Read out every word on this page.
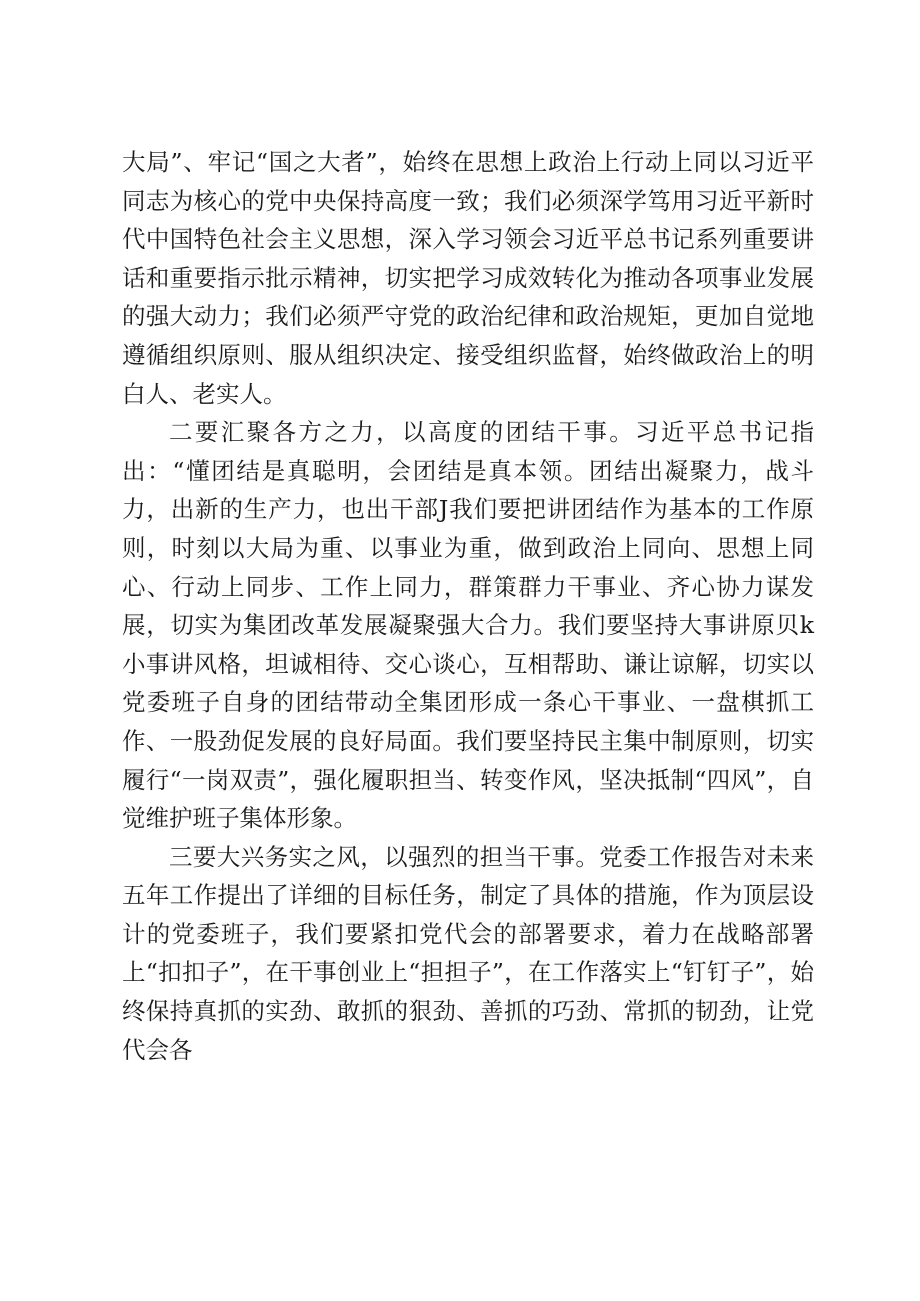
大局”、牢记“国之大者”，始终在思想上政治上行动上同以习近平同志为核心的党中央保持高度一致；我们必须深学笃用习近平新时代中国特色社会主义思想，深入学习领会习近平总书记系列重要讲话和重要指示批示精神，切实把学习成效转化为推动各项事业发展的强大动力；我们必须严守党的政治纪律和政治规矩，更加自觉地遵循组织原则、服从组织决定、接受组织监督，始终做政治上的明白人、老实人。

二要汇聚各方之力，以高度的团结干事。习近平总书记指出：“懂团结是真聪明，会团结是真本领。团结出凝聚力，战斗力，出新的生产力，也出干部J我们要把讲团结作为基本的工作原则，时刻以大局为重、以事业为重，做到政治上同向、思想上同心、行动上同步、工作上同力，群策群力干事业、齐心协力谋发展，切实为集团改革发展凝聚强大合力。我们要坚持大事讲原贝k小事讲风格，坦诚相待、交心谈心，互相帮助、谦让谅解，切实以党委班子自身的团结带动全集团形成一条心干事业、一盘棋抓工作、一股劲促发展的良好局面。我们要坚持民主集中制原则，切实履行“一岗双责”，强化履职担当、转变作风，坚决抵制“四风”，自觉维护班子集体形象。

三要大兴务实之风，以强烈的担当干事。党委工作报告对未来五年工作提出了详细的目标任务，制定了具体的措施，作为顶层设计的党委班子，我们要紧扣党代会的部署要求，着力在战略部署上“扣扣子”，在干事创业上“担担子”，在工作落实上“钉钉子”，始终保持真抓的实劲、敢抓的狠劲、善抓的巧劲、常抓的韧劲，让党代会各
